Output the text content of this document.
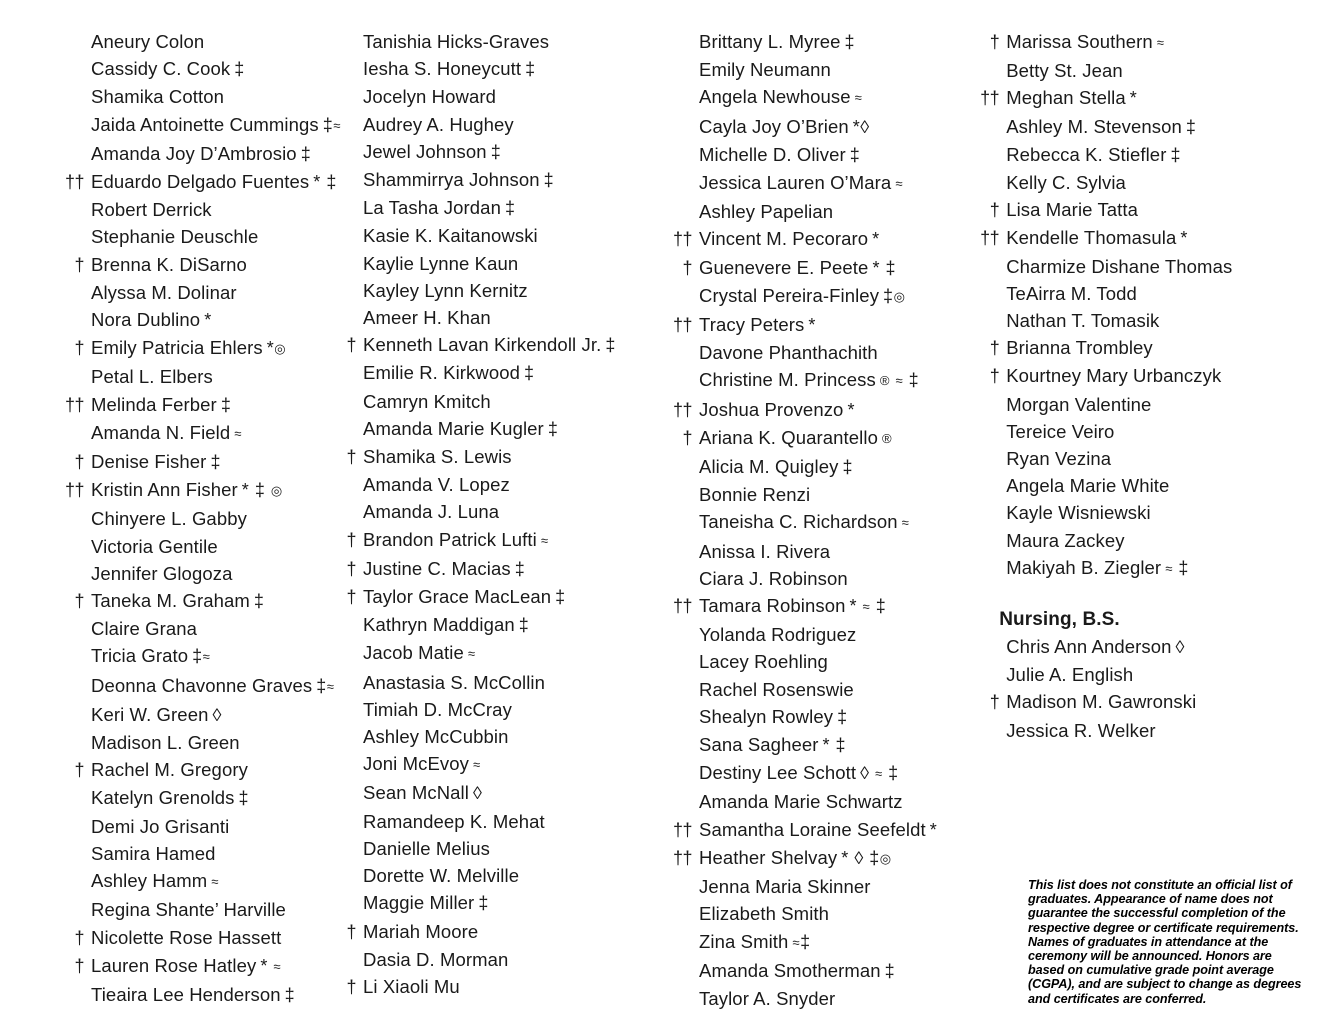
Aneury Colon
Cassidy C. Cook ‡
Shamika Cotton
Jaida Antoinette Cummings ‡≈
Amanda Joy D’Ambrosio ‡
†† Eduardo Delgado Fuentes * ‡
Robert Derrick
Stephanie Deuschle
† Brenna K. DiSarno
Alyssa M. Dolinar
Nora Dublino *
† Emily Patricia Ehlers *◎
Petal L. Elbers
†† Melinda Ferber ‡
Amanda N. Field ≈
† Denise Fisher ‡
†† Kristin Ann Fisher * ‡ ◎
Chinyere L. Gabby
Victoria Gentile
Jennifer Glogoza
† Taneka M. Graham ‡
Claire Grana
Tricia Grato ‡≈
Deonna Chavonne Graves ‡≈
Keri W. Green ◊
Madison L. Green
† Rachel M. Gregory
Katelyn Grenolds ‡
Demi Jo Grisanti
Samira Hamed
Ashley Hamm ≈
Regina Shante’ Harville
† Nicolette Rose Hassett
† Lauren Rose Hatley * ≈
Tieaira Lee Henderson ‡
Tanishia Hicks-Graves
Iesha S. Honeycutt ‡
Jocelyn Howard
Audrey A. Hughey
Jewel Johnson ‡
Shammirrya Johnson ‡
La Tasha Jordan ‡
Kasie K. Kaitanowski
Kaylie Lynne Kaun
Kayley Lynn Kernitz
Ameer H. Khan
† Kenneth Lavan Kirkendoll Jr. ‡
Emilie R. Kirkwood ‡
Camryn Kmitch
Amanda Marie Kugler ‡
† Shamika S. Lewis
Amanda V. Lopez
Amanda J. Luna
† Brandon Patrick Lufti ≈
† Justine C. Macias ‡
† Taylor Grace MacLean ‡
Kathryn Maddigan ‡
Jacob Matie ≈
Anastasia S. McCollin
Timiah D. McCray
Ashley McCubbin
Joni McEvoy ≈
Sean McNall ◊
Ramandeep K. Mehat
Danielle Melius
Dorette W. Melville
Maggie Miller ‡
† Mariah Moore
Dasia D. Morman
† Li Xiaoli Mu
Brittany L. Myree ‡
Emily Neumann
Angela Newhouse ≈
Cayla Joy O’Brien *◊
Michelle D. Oliver ‡
Jessica Lauren O’Mara ≈
Ashley Papelian
†† Vincent M. Pecoraro *
† Guenevere E. Peete * ‡
Crystal Pereira-Finley ‡◎
†† Tracy Peters *
Davone Phanthachith
Christine M. Princess ® ≈ ‡
†† Joshua Provenzo *
† Ariana K. Quarantello ®
Alicia M. Quigley ‡
Bonnie Renzi
Taneisha C. Richardson ≈
Anissa I. Rivera
Ciara J. Robinson
†† Tamara Robinson * ≈ ‡
Yolanda Rodriguez
Lacey Roehling
Rachel Rosenswie
Shealyn Rowley ‡
Sana Sagheer * ‡
Destiny Lee Schott ◊ ≈ ‡
Amanda Marie Schwartz
†† Samantha Loraine Seefeldt *
†† Heather Shelvay * ◊ ‡◎
Jenna Maria Skinner
Elizabeth Smith
Zina Smith ≈‡
Amanda Smotherman ‡
Taylor A. Snyder
† Marissa Southern ≈
Betty St. Jean
†† Meghan Stella *
Ashley M. Stevenson ‡
Rebecca K. Stiefler ‡
Kelly C. Sylvia
† Lisa Marie Tatta
†† Kendelle Thomasula *
Charmize Dishane Thomas
TeAirra M. Todd
Nathan T. Tomasik
† Brianna Trombley
† Kourtney Mary Urbanczyk
Morgan Valentine
Tereice Veiro
Ryan Vezina
Angela Marie White
Kayle Wisniewski
Maura Zackey
Makiyah B. Ziegler ≈ ‡
Nursing, B.S.
Chris Ann Anderson ◊
Julie A. English
† Madison M. Gawronski
Jessica R. Welker

This list does not constitute an official list of graduates. Appearance of name does not guarantee the successful completion of the respective degree or certificate requirements. Names of graduates in attendance at the ceremony will be announced. Honors are based on cumulative grade point average (CGPA), and are subject to change as degrees and certificates are conferred.
